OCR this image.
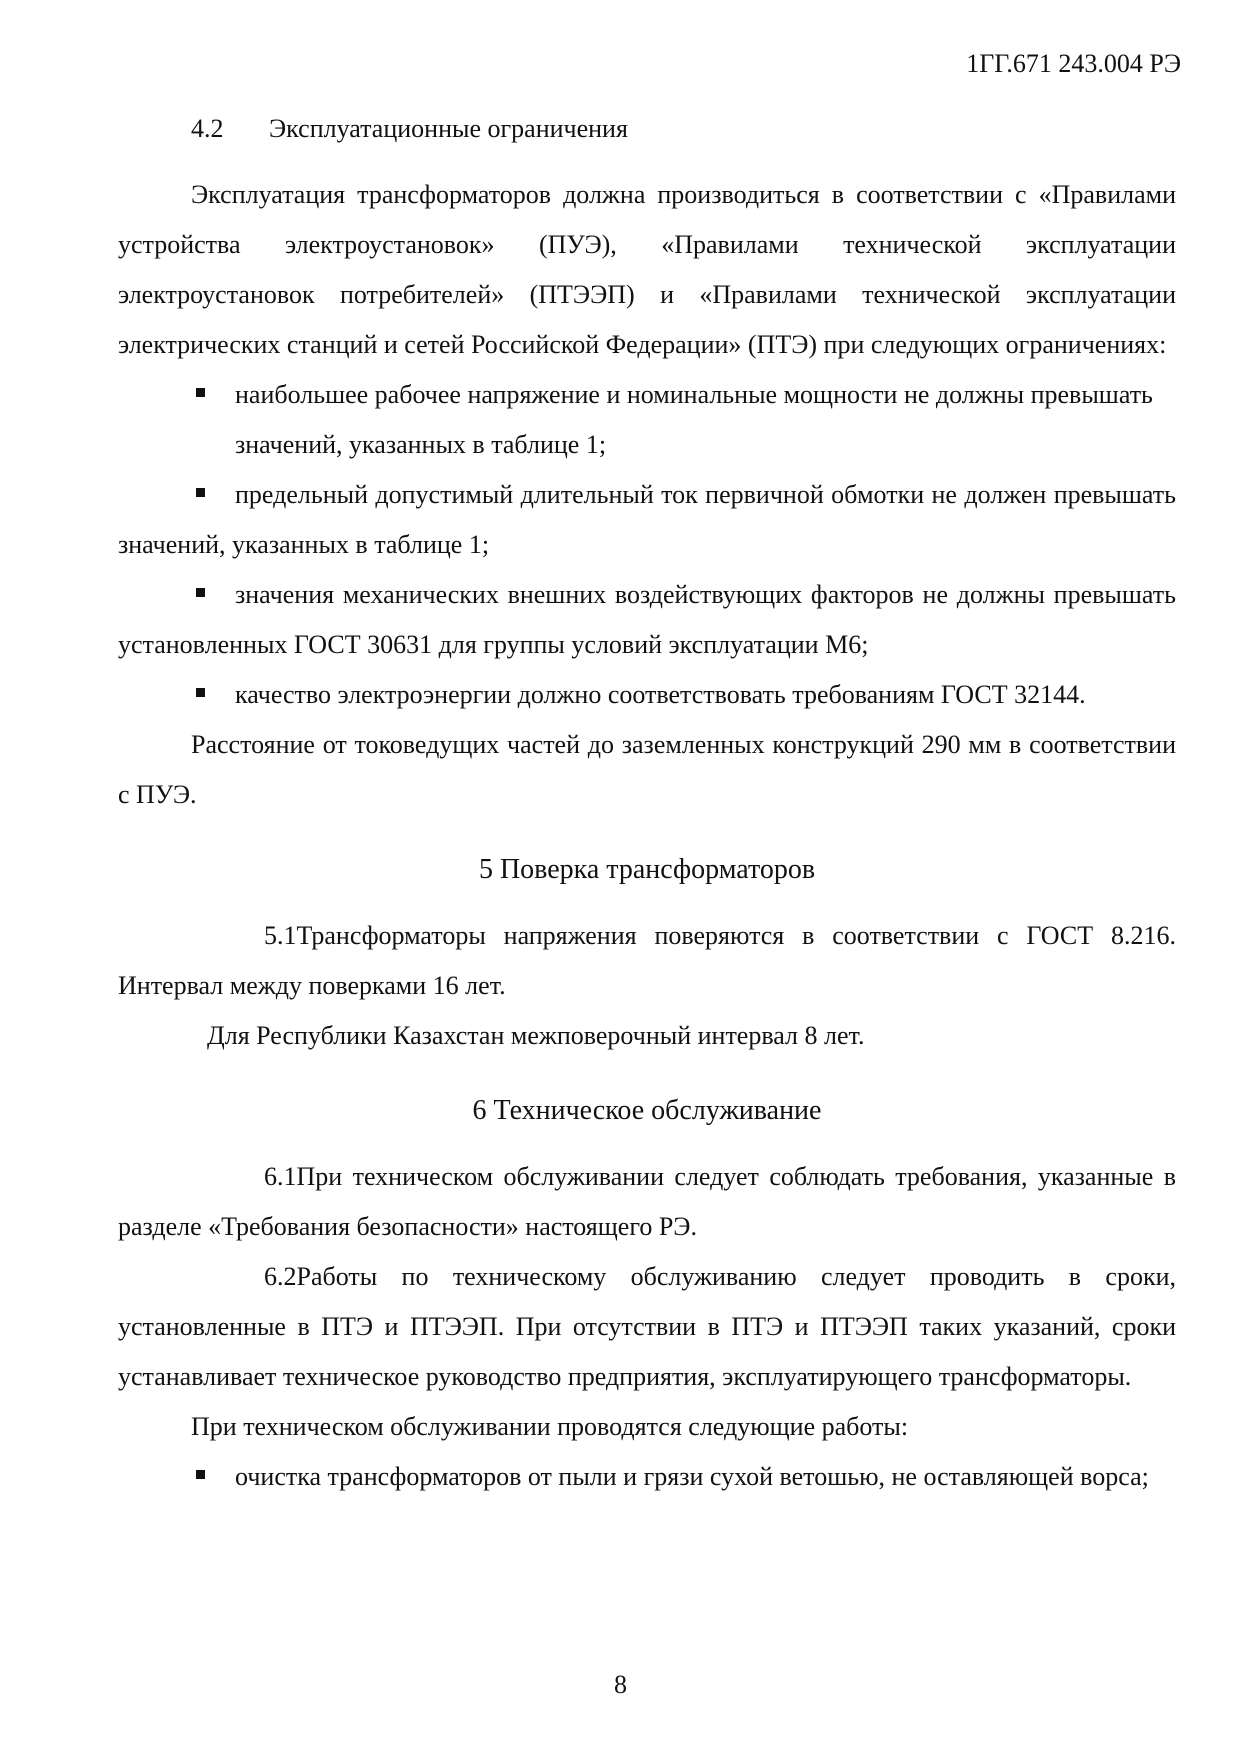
1ГГ.671 243.004 РЭ

4.2 Эксплуатационные ограничения

Эксплуатация трансформаторов должна производиться в соответствии с «Правилами устройства электроустановок» (ПУЭ), «Правилами технической эксплуатации электроустановок потребителей» (ПТЭЭП) и «Правилами технической эксплуатации электрических станций и сетей Российской Федерации» (ПТЭ) при следующих ограничениях:

наибольшее рабочее напряжение и номинальные мощности не должны превышать значений, указанных в таблице 1;

предельный допустимый длительный ток первичной обмотки не должен превышать значений, указанных в таблице 1;

значения механических внешних воздействующих факторов не должны превышать установленных ГОСТ 30631 для группы условий эксплуатации М6;

качество электроэнергии должно соответствовать требованиям ГОСТ 32144.

Расстояние от токоведущих частей до заземленных конструкций 290 мм в соответствии с ПУЭ.

5 Поверка трансформаторов

5.1Трансформаторы напряжения поверяются в соответствии с ГОСТ 8.216. Интервал между поверками 16 лет.

Для Республики Казахстан межповерочный интервал 8 лет.

6 Техническое обслуживание

6.1При техническом обслуживании следует соблюдать требования, указанные в разделе «Требования безопасности» настоящего РЭ.

6.2Работы по техническому обслуживанию следует проводить в сроки, установленные в ПТЭ и ПТЭЭП. При отсутствии в ПТЭ и ПТЭЭП таких указаний, сроки устанавливает техническое руководство предприятия, эксплуатирующего трансформаторы.

При техническом обслуживании проводятся следующие работы:

очистка трансформаторов от пыли и грязи сухой ветошью, не оставляющей ворса;

8
